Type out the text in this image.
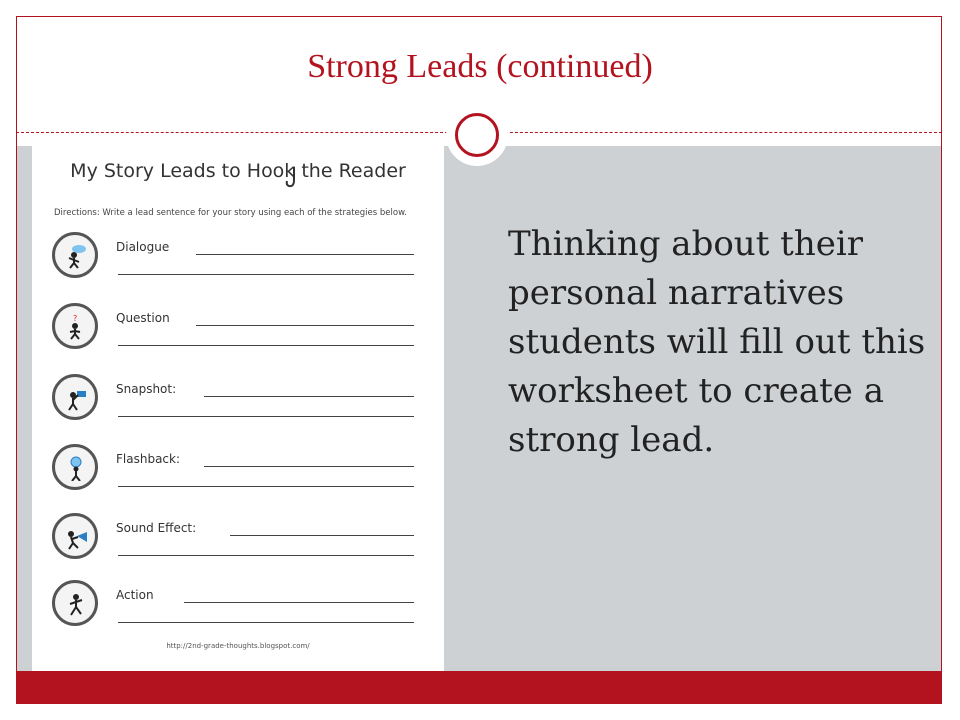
Strong Leads (continued)
My Story Leads to Hook the Reader
Directions: Write a lead sentence for your story using each of the strategies below.
Dialogue
?	Question
Snapshot:
Flashback:
Sound Effect:
Action
http://2nd-grade-thoughts.blogspot.com/
Thinking about their personal narratives students will fill out this worksheet to create a strong lead.
